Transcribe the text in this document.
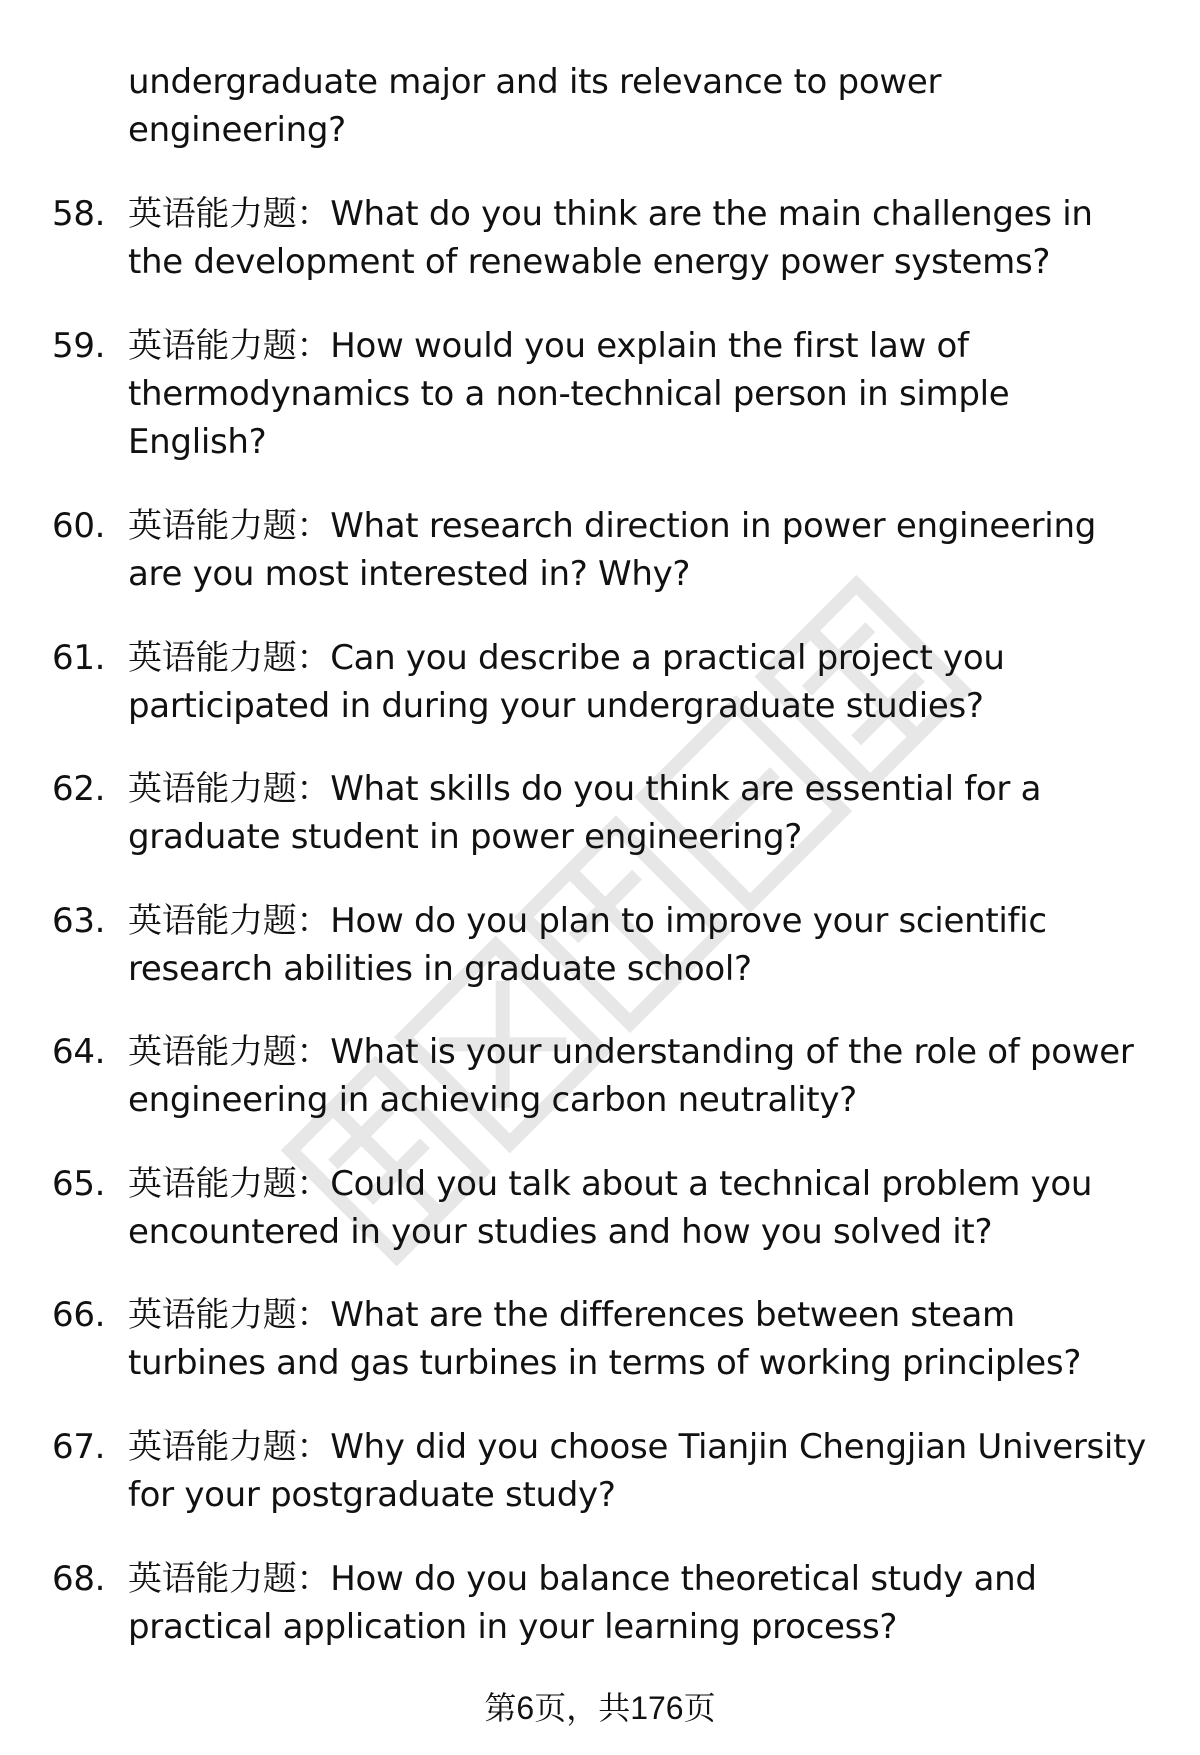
undergraduate major and its relevance to power engineering?
58. 英语能力题：What do you think are the main challenges in the development of renewable energy power systems?
59. 英语能力题：How would you explain the first law of thermodynamics to a non-technical person in simple English?
60. 英语能力题：What research direction in power engineering are you most interested in? Why?
61. 英语能力题：Can you describe a practical project you participated in during your undergraduate studies?
62. 英语能力题：What skills do you think are essential for a graduate student in power engineering?
63. 英语能力题：How do you plan to improve your scientific research abilities in graduate school?
64. 英语能力题：What is your understanding of the role of power engineering in achieving carbon neutrality?
65. 英语能力题：Could you talk about a technical problem you encountered in your studies and how you solved it?
66. 英语能力题：What are the differences between steam turbines and gas turbines in terms of working principles?
67. 英语能力题：Why did you choose Tianjin Chengjian University for your postgraduate study?
68. 英语能力题：How do you balance theoretical study and practical application in your learning process?
第6页，共176页
